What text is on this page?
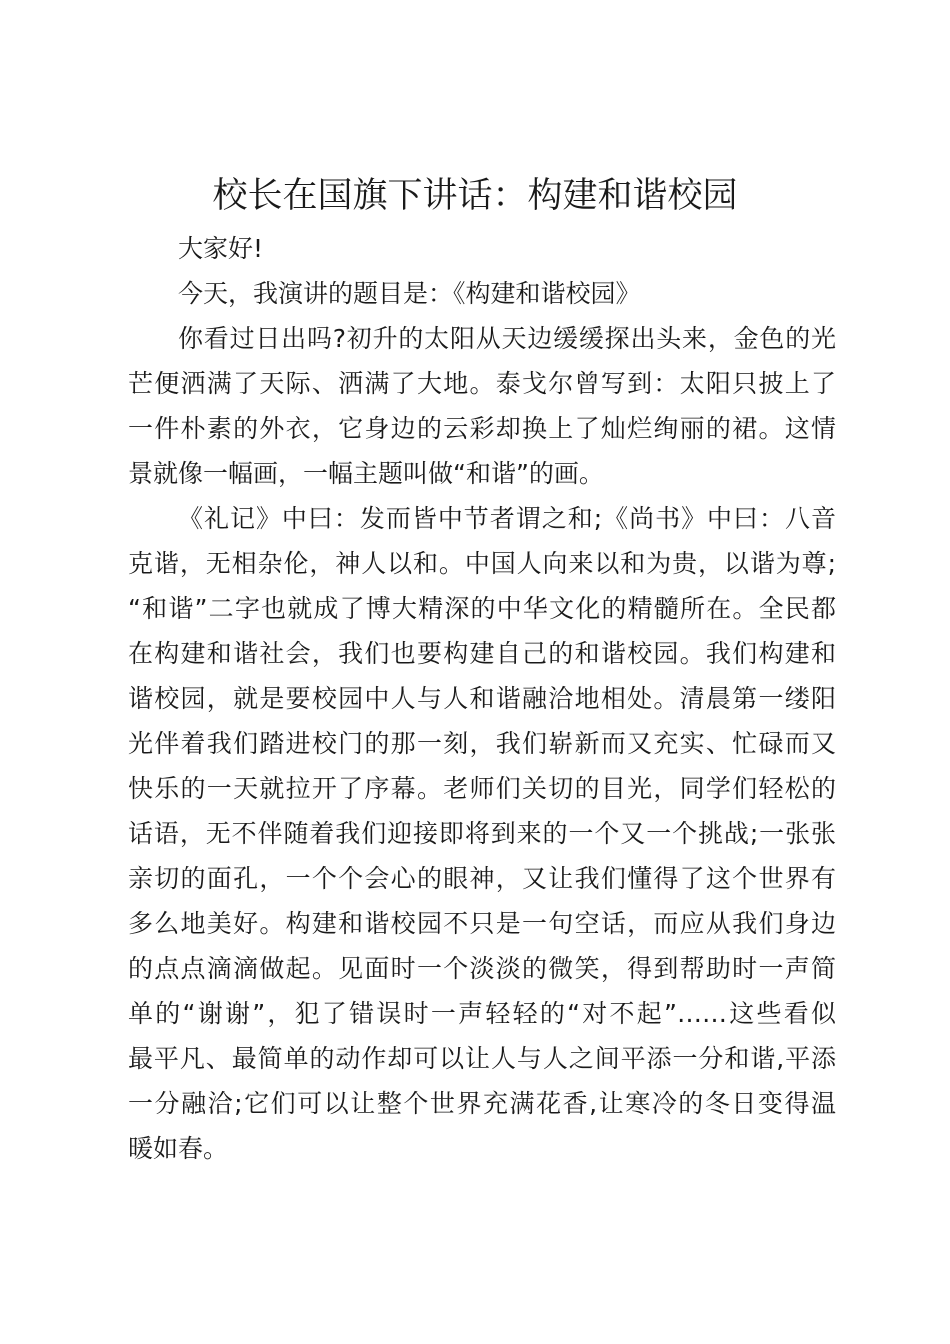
校长在国旗下讲话：构建和谐校园
大家好!
今天，我演讲的题目是：《构建和谐校园》
你看过日出吗?初升的太阳从天边缓缓探出头来，金色的光
芒便洒满了天际、洒满了大地。泰戈尔曾写到：太阳只披上了
一件朴素的外衣，它身边的云彩却换上了灿烂绚丽的裙。这情
景就像一幅画，一幅主题叫做“和谐”的画。
《礼记》中曰：发而皆中节者谓之和;《尚书》中曰：八音
克谐，无相杂伦，神人以和。中国人向来以和为贵，以谐为尊;
“和谐”二字也就成了博大精深的中华文化的精髓所在。全民都
在构建和谐社会，我们也要构建自己的和谐校园。我们构建和
谐校园，就是要校园中人与人和谐融洽地相处。清晨第一缕阳
光伴着我们踏进校门的那一刻，我们崭新而又充实、忙碌而又
快乐的一天就拉开了序幕。老师们关切的目光，同学们轻松的
话语，无不伴随着我们迎接即将到来的一个又一个挑战;一张张
亲切的面孔，一个个会心的眼神，又让我们懂得了这个世界有
多么地美好。构建和谐校园不只是一句空话，而应从我们身边
的点点滴滴做起。见面时一个淡淡的微笑，得到帮助时一声简
单的“谢谢”，犯了错误时一声轻轻的“对不起”……这些看似
最平凡、最简单的动作却可以让人与人之间平添一分和谐,平添
一分融洽;它们可以让整个世界充满花香,让寒冷的冬日变得温
暖如春。
